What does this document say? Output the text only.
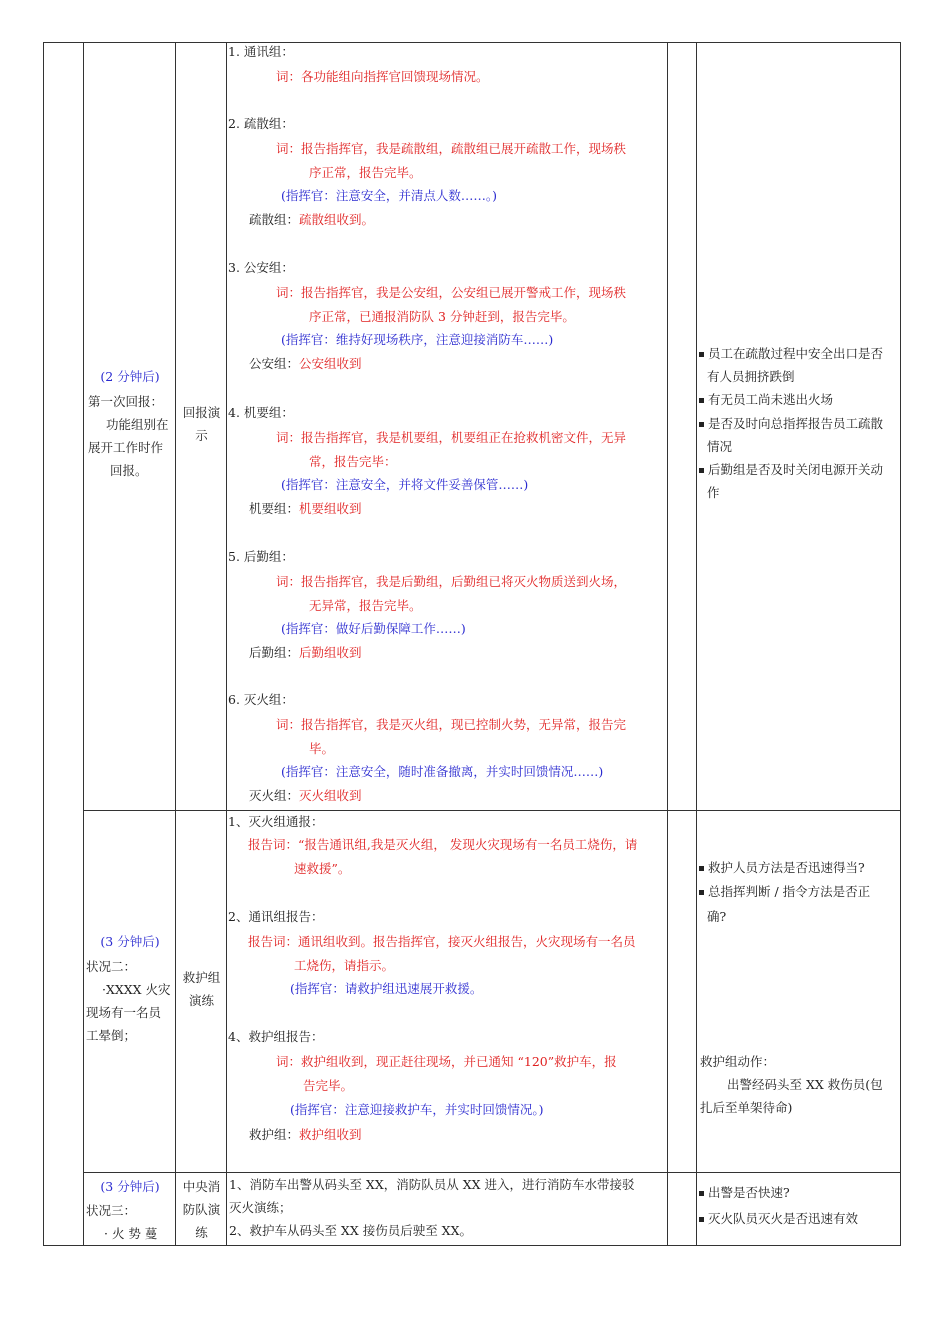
(2 分钟后)
第一次回报：
功能组别在
展开工作时作
回报。
回报演
示
1. 通讯组：
词：各功能组向指挥官回馈现场情况。
2. 疏散组：
词：报告指挥官，我是疏散组，疏散组已展开疏散工作，现场秩
序正常，报告完毕。
(指挥官：注意安全，并清点人数……。)
疏散组：疏散组收到。
3. 公安组：
词：报告指挥官，我是公安组，公安组已展开警戒工作，现场秩
序正常，已通报消防队 3 分钟赶到，报告完毕。
(指挥官：维持好现场秩序，注意迎接消防车……)
公安组：公安组收到
4. 机要组：
词：报告指挥官，我是机要组，机要组正在抢救机密文件，无异
常，报告完毕：
(指挥官：注意安全，并将文件妥善保管……)
机要组：机要组收到
5. 后勤组：
词：报告指挥官，我是后勤组，后勤组已将灭火物质送到火场，
无异常，报告完毕。
(指挥官：做好后勤保障工作……)
后勤组：后勤组收到
6. 灭火组：
词：报告指挥官，我是灭火组，现已控制火势，无异常，报告完
毕。
(指挥官：注意安全，随时准备撤离，并实时回馈情况……)
灭火组：灭火组收到
员工在疏散过程中安全出口是否
有人员拥挤跌倒
有无员工尚未逃出火场
是否及时向总指挥报告员工疏散
情况
后勤组是否及时关闭电源开关动
作
(3 分钟后)
状况二：
·XXXX 火灾
现场有一名员
工晕倒；
救护组
演练
1、灭火组通报：
报告词：“报告通讯组,我是灭火组， 发现火灾现场有一名员工烧伤，请
速救援”。
2、通讯组报告：
报告词：通讯组收到。报告指挥官，接灭火组报告，火灾现场有一名员
工烧伤，请指示。
(指挥官：请救护组迅速展开救援。
4、救护组报告：
词：救护组收到，现正赶往现场，并已通知 “120”救护车，报
告完毕。
(指挥官：注意迎接救护车，并实时回馈情况。)
救护组：救护组收到
救护人员方法是否迅速得当?
总指挥判断 / 指令方法是否正
确?
救护组动作：
出警经码头至 XX 救伤员(包
扎后至单架待命)
(3 分钟后)
状况三：
· 火 势 蔓
中央消
防队演
练
1、消防车出警从码头至 XX，消防队员从 XX 进入，进行消防车水带接驳
灭火演练；
2、救护车从码头至 XX 接伤员后驶至 XX。
出警是否快速?
灭火队员灭火是否迅速有效
